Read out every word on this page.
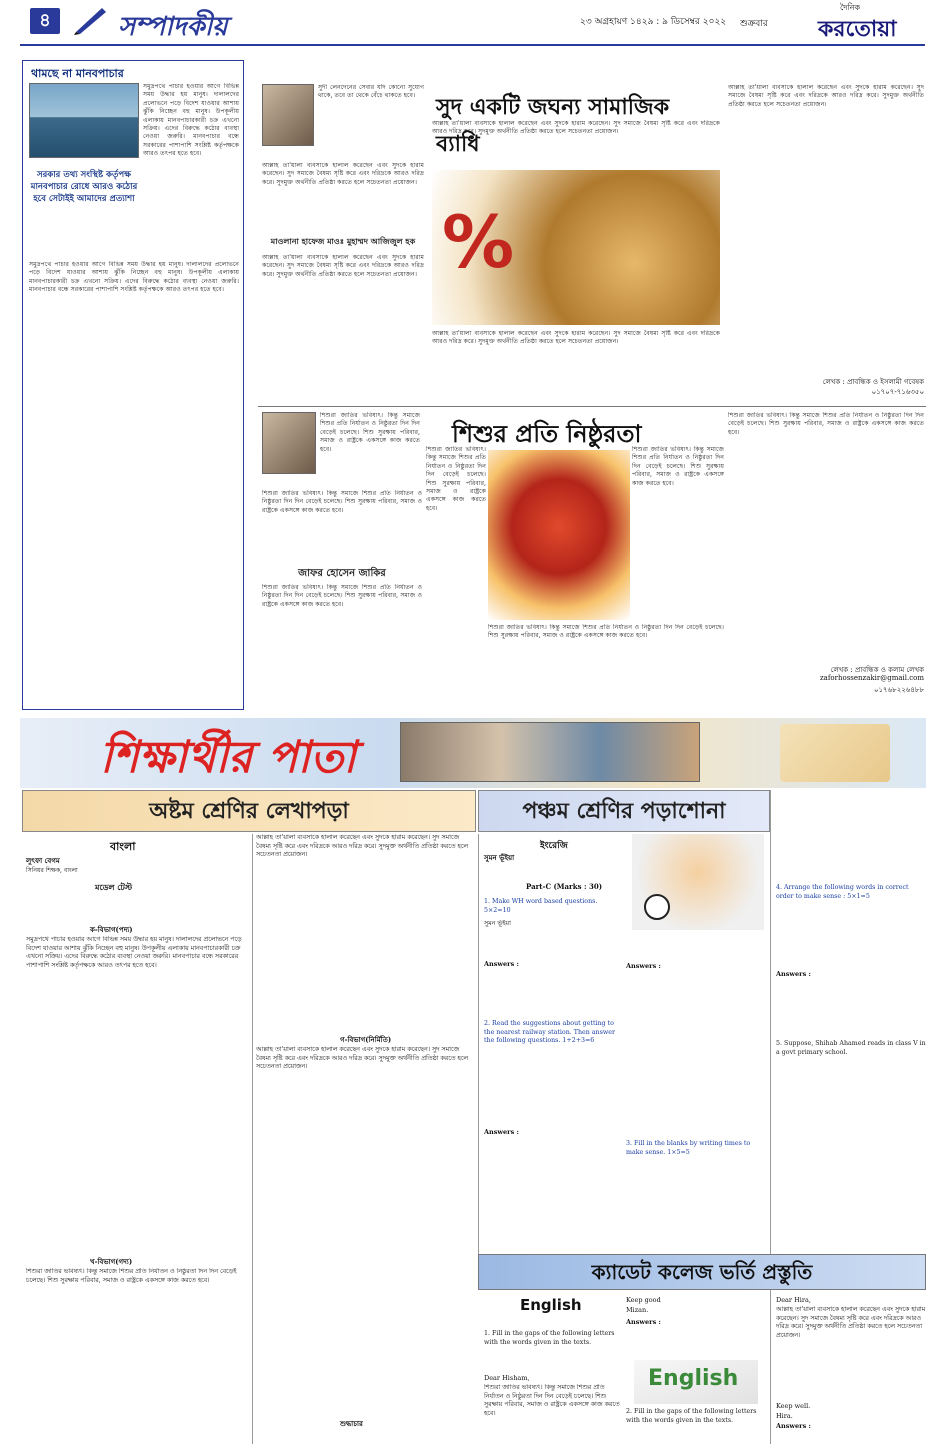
৪	সম্পাদকীয়	২৩ অগ্রহায়ণ ১৪২৯ : ৯ ডিসেম্বর ২০২২ শুক্রবার
দৈনিক
করতোয়া
থামছে না মানবপাচার
সরকার তথ্য সংস্থিষ্ট কর্তৃপক্ষ মানবপাচার রোধে আরও কঠোর হবে সেটাইই আমাদের প্রত্যাশা
সমুদ্রপথে পাচার হওয়ার আগে বিভিন্ন সময় উদ্ধার হয় মানুষ। দালালদের প্রলোভনে পড়ে বিদেশ যাওয়ার আশায় ঝুঁকি নিচ্ছেন বহু মানুষ। উপকূলীয় এলাকায় মানবপাচারকারী চক্র এখনো সক্রিয়। এদের বিরুদ্ধে কঠোর ব্যবস্থা নেওয়া জরুরি। মানবপাচার বন্ধে সরকারের পাশাপাশি সংশ্লিষ্ট কর্তৃপক্ষকে আরও তৎপর হতে হবে।
সমুদ্রপথে পাচার হওয়ার আগে বিভিন্ন সময় উদ্ধার হয় মানুষ। দালালদের প্রলোভনে পড়ে বিদেশ যাওয়ার আশায় ঝুঁকি নিচ্ছেন বহু মানুষ। উপকূলীয় এলাকায় মানবপাচারকারী চক্র এখনো সক্রিয়। এদের বিরুদ্ধে কঠোর ব্যবস্থা নেওয়া জরুরি। মানবপাচার বন্ধে সরকারের পাশাপাশি সংশ্লিষ্ট কর্তৃপক্ষকে আরও তৎপর হতে হবে।
সুদী লেনদেনের সেবার যদি কোনো সুযোগ থাকে, তবে তা থেকে বেঁচে থাকতে হবে।
আল্লাহ তা'য়ালা ব্যবসাকে হালাল করেছেন এবং সুদকে হারাম করেছেন। সুদ সমাজে বৈষম্য সৃষ্টি করে এবং দরিদ্রকে আরও দরিদ্র করে। সুদমুক্ত অর্থনীতি প্রতিষ্ঠা করতে হলে সচেতনতা প্রয়োজন।
মাওলানা হাফেজ মাওঃ মুহাম্মদ আজিজুল হক
আল্লাহ তা'য়ালা ব্যবসাকে হালাল করেছেন এবং সুদকে হারাম করেছেন। সুদ সমাজে বৈষম্য সৃষ্টি করে এবং দরিদ্রকে আরও দরিদ্র করে। সুদমুক্ত অর্থনীতি প্রতিষ্ঠা করতে হলে সচেতনতা প্রয়োজন।
সুদ একটি জঘন্য সামাজিক ব্যাধি
আল্লাহ তা'য়ালা ব্যবসাকে হালাল করেছেন এবং সুদকে হারাম করেছেন। সুদ সমাজে বৈষম্য সৃষ্টি করে এবং দরিদ্রকে আরও দরিদ্র করে। সুদমুক্ত অর্থনীতি প্রতিষ্ঠা করতে হলে সচেতনতা প্রয়োজন।
%
আল্লাহ তা'য়ালা ব্যবসাকে হালাল করেছেন এবং সুদকে হারাম করেছেন। সুদ সমাজে বৈষম্য সৃষ্টি করে এবং দরিদ্রকে আরও দরিদ্র করে। সুদমুক্ত অর্থনীতি প্রতিষ্ঠা করতে হলে সচেতনতা প্রয়োজন।
আল্লাহ তা'য়ালা ব্যবসাকে হালাল করেছেন এবং সুদকে হারাম করেছেন। সুদ সমাজে বৈষম্য সৃষ্টি করে এবং দরিদ্রকে আরও দরিদ্র করে। সুদমুক্ত অর্থনীতি প্রতিষ্ঠা করতে হলে সচেতনতা প্রয়োজন।
লেখক : প্রাবন্ধিক ও ইসলামী গবেষক
০১৭০৭-৭১৬৩৫০
শিশুরা জাতির ভবিষ্যৎ। কিন্তু সমাজে শিশুর প্রতি নির্যাতন ও নিষ্ঠুরতা দিন দিন বেড়েই চলেছে। শিশু সুরক্ষায় পরিবার, সমাজ ও রাষ্ট্রকে একসঙ্গে কাজ করতে হবে।
শিশুরা জাতির ভবিষ্যৎ। কিন্তু সমাজে শিশুর প্রতি নির্যাতন ও নিষ্ঠুরতা দিন দিন বেড়েই চলেছে। শিশু সুরক্ষায় পরিবার, সমাজ ও রাষ্ট্রকে একসঙ্গে কাজ করতে হবে।
জাফর হোসেন জাকির
শিশুরা জাতির ভবিষ্যৎ। কিন্তু সমাজে শিশুর প্রতি নির্যাতন ও নিষ্ঠুরতা দিন দিন বেড়েই চলেছে। শিশু সুরক্ষায় পরিবার, সমাজ ও রাষ্ট্রকে একসঙ্গে কাজ করতে হবে।
শিশুর প্রতি নিষ্ঠুরতা
শিশুরা জাতির ভবিষ্যৎ। কিন্তু সমাজে শিশুর প্রতি নির্যাতন ও নিষ্ঠুরতা দিন দিন বেড়েই চলেছে। শিশু সুরক্ষায় পরিবার, সমাজ ও রাষ্ট্রকে একসঙ্গে কাজ করতে হবে।
শিশুরা জাতির ভবিষ্যৎ। কিন্তু সমাজে শিশুর প্রতি নির্যাতন ও নিষ্ঠুরতা দিন দিন বেড়েই চলেছে। শিশু সুরক্ষায় পরিবার, সমাজ ও রাষ্ট্রকে একসঙ্গে কাজ করতে হবে।
শিশুরা জাতির ভবিষ্যৎ। কিন্তু সমাজে শিশুর প্রতি নির্যাতন ও নিষ্ঠুরতা দিন দিন বেড়েই চলেছে। শিশু সুরক্ষায় পরিবার, সমাজ ও রাষ্ট্রকে একসঙ্গে কাজ করতে হবে।
শিশুরা জাতির ভবিষ্যৎ। কিন্তু সমাজে শিশুর প্রতি নির্যাতন ও নিষ্ঠুরতা দিন দিন বেড়েই চলেছে। শিশু সুরক্ষায় পরিবার, সমাজ ও রাষ্ট্রকে একসঙ্গে কাজ করতে হবে।
লেখক : প্রাবন্ধিক ও কলাম লেখক
zaforhossenzakir@gmail.com
০১৭৬৮২২৬৪৮৮
শিক্ষার্থীর পাতা
অষ্টম শ্রেণির লেখাপড়া	পঞ্চম শ্রেণির পড়াশোনা
বাংলা
লুৎফা বেগম
সিনিয়র শিক্ষক, বাংলা
মডেল টেস্ট
ক-বিভাগ(পদ্য)
সমুদ্রপথে পাচার হওয়ার আগে বিভিন্ন সময় উদ্ধার হয় মানুষ। দালালদের প্রলোভনে পড়ে বিদেশ যাওয়ার আশায় ঝুঁকি নিচ্ছেন বহু মানুষ। উপকূলীয় এলাকায় মানবপাচারকারী চক্র এখনো সক্রিয়। এদের বিরুদ্ধে কঠোর ব্যবস্থা নেওয়া জরুরি। মানবপাচার বন্ধে সরকারের পাশাপাশি সংশ্লিষ্ট কর্তৃপক্ষকে আরও তৎপর হতে হবে।
খ-বিভাগ(গদ্য)
শিশুরা জাতির ভবিষ্যৎ। কিন্তু সমাজে শিশুর প্রতি নির্যাতন ও নিষ্ঠুরতা দিন দিন বেড়েই চলেছে। শিশু সুরক্ষায় পরিবার, সমাজ ও রাষ্ট্রকে একসঙ্গে কাজ করতে হবে।
আল্লাহ তা'য়ালা ব্যবসাকে হালাল করেছেন এবং সুদকে হারাম করেছেন। সুদ সমাজে বৈষম্য সৃষ্টি করে এবং দরিদ্রকে আরও দরিদ্র করে। সুদমুক্ত অর্থনীতি প্রতিষ্ঠা করতে হলে সচেতনতা প্রয়োজন।
গ-বিভাগ(নির্মিতি)
আল্লাহ তা'য়ালা ব্যবসাকে হালাল করেছেন এবং সুদকে হারাম করেছেন। সুদ সমাজে বৈষম্য সৃষ্টি করে এবং দরিদ্রকে আরও দরিদ্র করে। সুদমুক্ত অর্থনীতি প্রতিষ্ঠা করতে হলে সচেতনতা প্রয়োজন।
শুদ্ধাচার
ইংরেজি
সুমন ভূঁইয়া
Part-C (Marks : 30)
1. Make WH word based questions. 5×2=10
সুমন ভূঁইয়া
Answers :
2. Read the suggestions about getting to the nearest railway station. Then answer the following questions. 1+2+3=6
Answers :
Answers :
3. Fill in the blanks by writing times to make sense. 1×5=5
4. Arrange the following words in correct order to make sense : 5×1=5
Answers :
5. Suppose, Shihab Ahamed reads in class V in a govt primary school.
ক্যাডেট কলেজ ভর্তি প্রস্তুতি
English
1. Fill in the gaps of the following letters with the words given in the texts.
Dear Hisham,
শিশুরা জাতির ভবিষ্যৎ। কিন্তু সমাজে শিশুর প্রতি নির্যাতন ও নিষ্ঠুরতা দিন দিন বেড়েই চলেছে। শিশু সুরক্ষায় পরিবার, সমাজ ও রাষ্ট্রকে একসঙ্গে কাজ করতে হবে।
Keep good
Mizan.
Answers :
English
2. Fill in the gaps of the following letters with the words given in the texts.
Dear Hira,
আল্লাহ তা'য়ালা ব্যবসাকে হালাল করেছেন এবং সুদকে হারাম করেছেন। সুদ সমাজে বৈষম্য সৃষ্টি করে এবং দরিদ্রকে আরও দরিদ্র করে। সুদমুক্ত অর্থনীতি প্রতিষ্ঠা করতে হলে সচেতনতা প্রয়োজন।
Keep well.
Hira.
Answers :
